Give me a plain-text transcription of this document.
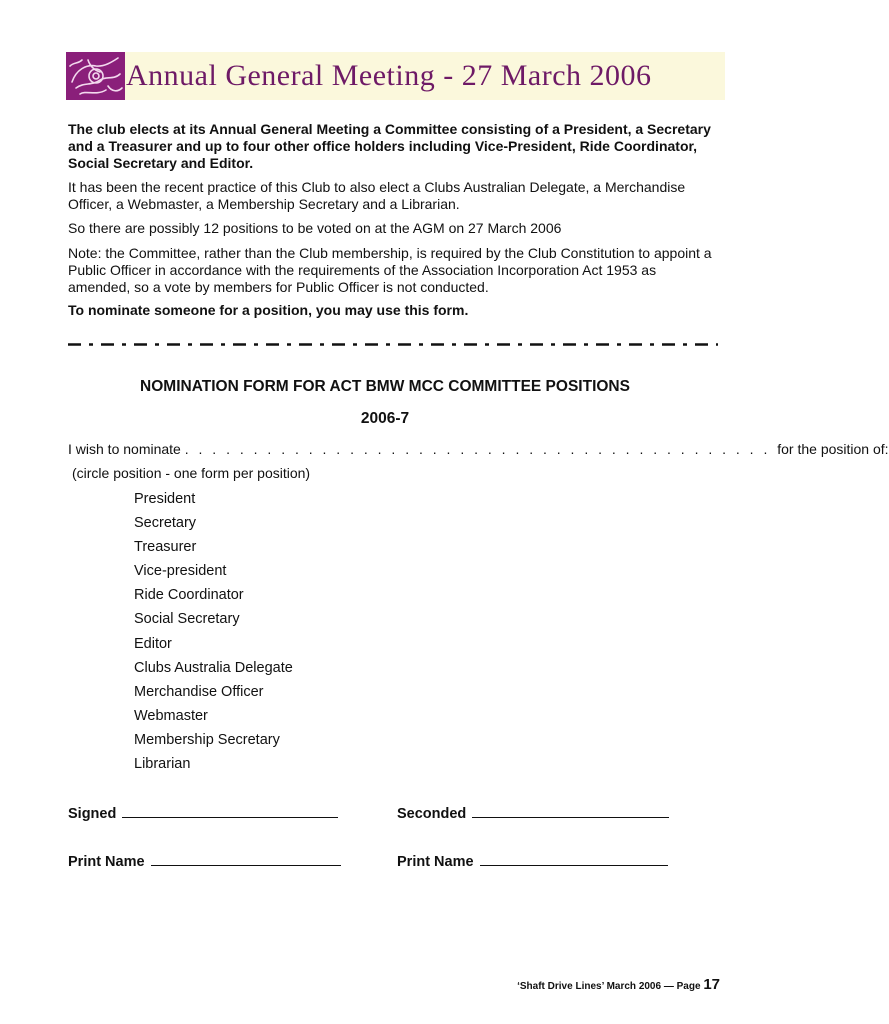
Annual General Meeting - 27 March 2006
The club elects at its Annual General Meeting a Committee consisting of a President, a Secretary and a Treasurer and up to four other office holders including Vice-President, Ride Coordinator, Social Secretary and Editor.
It has been the recent practice of this Club to also elect a Clubs Australian Delegate, a Merchandise Officer, a Webmaster, a Membership Secretary and a Librarian.
So there are possibly 12 positions to be voted on at the AGM on 27 March 2006
Note: the Committee, rather than the Club membership, is required by the Club Constitution to appoint a Public Officer in accordance with the requirements of the Association Incorporation Act 1953 as amended, so a vote by members for Public Officer is not conducted.
To nominate someone for a position, you may use this form.
NOMINATION FORM FOR ACT BMW MCC COMMITTEE POSITIONS
2006-7
I wish to nominate . . . . . . . . . . . . . . . . . . . . . . . . . . . . . . . . . . . . . . . . . . . for the position of:
(circle position - one form per position)
President
Secretary
Treasurer
Vice-president
Ride Coordinator
Social Secretary
Editor
Clubs Australia Delegate
Merchandise Officer
Webmaster
Membership Secretary
Librarian
Signed	Seconded
Print Name	Print Name
‘Shaft Drive Lines’ March 2006 — Page 17
